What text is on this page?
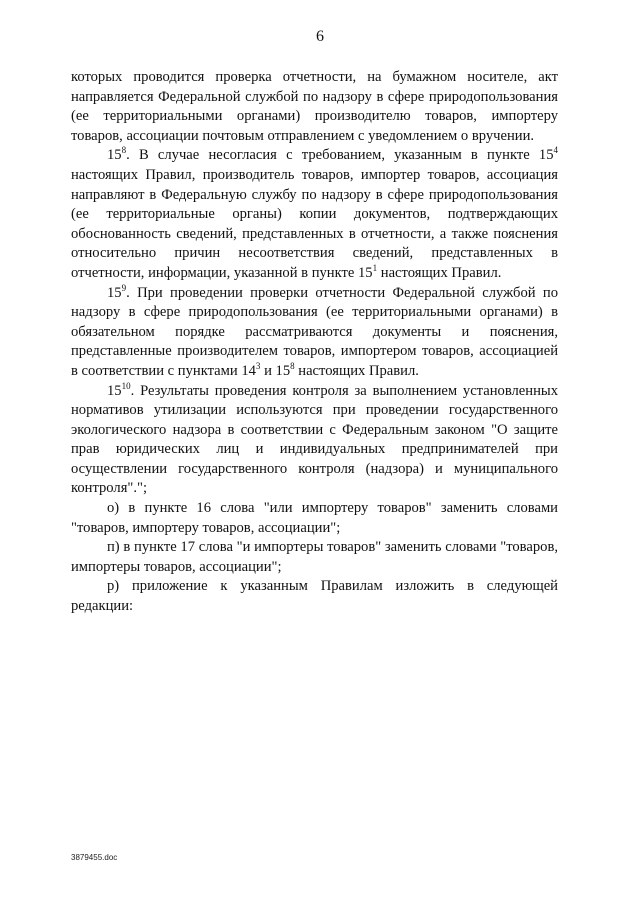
6

которых проводится проверка отчетности, на бумажном носителе, акт направляется Федеральной службой по надзору в сфере природопользования (ее территориальными органами) производителю товаров, импортеру товаров, ассоциации почтовым отправлением с уведомлением о вручении.

$15^8$. В случае несогласия с требованием, указанным в пункте $15^4$ настоящих Правил, производитель товаров, импортер товаров, ассоциация направляют в Федеральную службу по надзору в сфере природопользования (ее территориальные органы) копии документов, подтверждающих обоснованность сведений, представленных в отчетности, а также пояснения относительно причин несоответствия сведений, представленных в отчетности, информации, указанной в пункте $15^1$ настоящих Правил.

$15^9$. При проведении проверки отчетности Федеральной службой по надзору в сфере природопользования (ее территориальными органами) в обязательном порядке рассматриваются документы и пояснения, представленные производителем товаров, импортером товаров, ассоциацией в соответствии с пунктами $14^3$ и $15^8$ настоящих Правил.

$15^{10}$. Результаты проведения контроля за выполнением установленных нормативов утилизации используются при проведении государственного экологического надзора в соответствии с Федеральным законом "О защите прав юридических лиц и индивидуальных предпринимателей при осуществлении государственного контроля (надзора) и муниципального контроля".";

о) в пункте 16 слова "или импортеру товаров" заменить словами "товаров, импортеру товаров, ассоциации";

п) в пункте 17 слова "и импортеры товаров" заменить словами "товаров, импортеры товаров, ассоциации";

р) приложение к указанным Правилам изложить в следующей редакции:

3879455.doc
